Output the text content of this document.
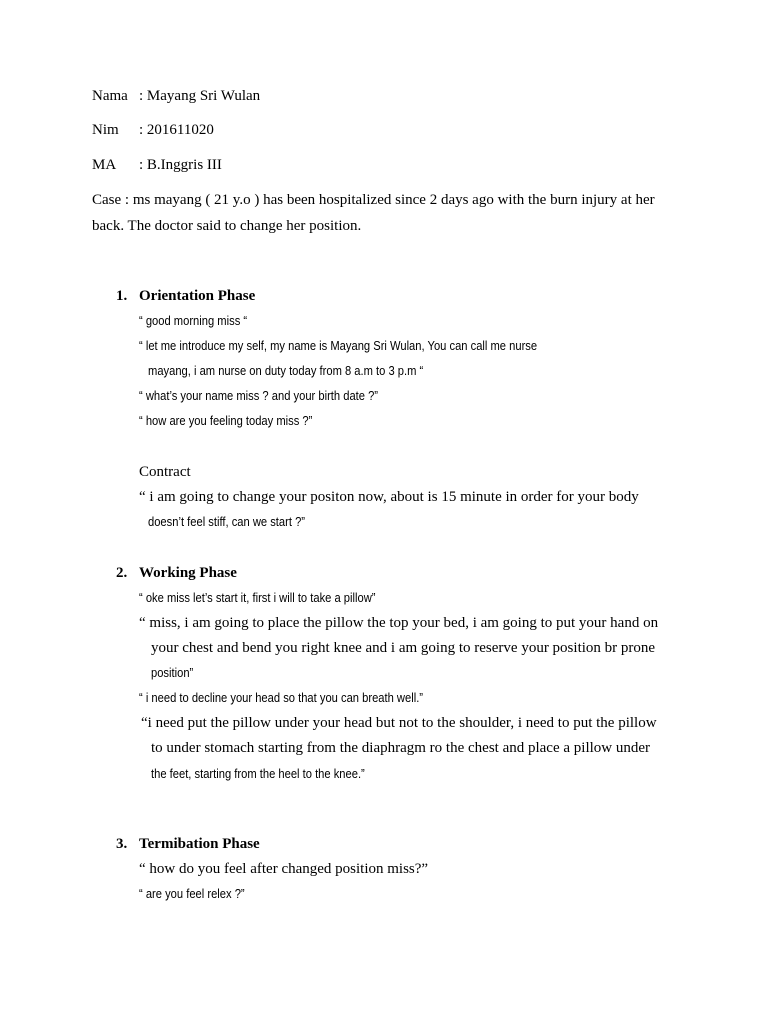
Nama : Mayang Sri Wulan
Nim : 201611020
MA : B.Inggris III
Case : ms mayang ( 21 y.o ) has been hospitalized since 2 days ago with the burn injury at her
back. The doctor said to change her position.
1. Orientation Phase
“ good morning miss “
“ let me introduce my self, my name is Mayang Sri Wulan, You can call me nurse
mayang, i am nurse on duty today from 8 a.m to 3 p.m “
“ what’s your name miss ? and your birth date ?”
“ how are you feeling today miss ?”
Contract
“ i am going to change your positon now, about is 15 minute in order for your body
doesn’t feel stiff, can we start ?”
2. Working Phase
“ oke miss let’s start it, first i will to take a pillow”
“ miss, i am going to place the pillow the top your bed, i am going to put your hand on
your chest and bend you right knee and i am going to reserve your position br prone
position”
“ i need to decline your head so that you can breath well.”
“i need put the pillow under your head but not to the shoulder, i need to put the pillow
to under stomach starting from the diaphragm ro the chest and place a pillow under
the feet, starting from the heel to the knee.”
3. Termibation Phase
“ how do you feel after changed position miss?”
“ are you feel relex ?”
